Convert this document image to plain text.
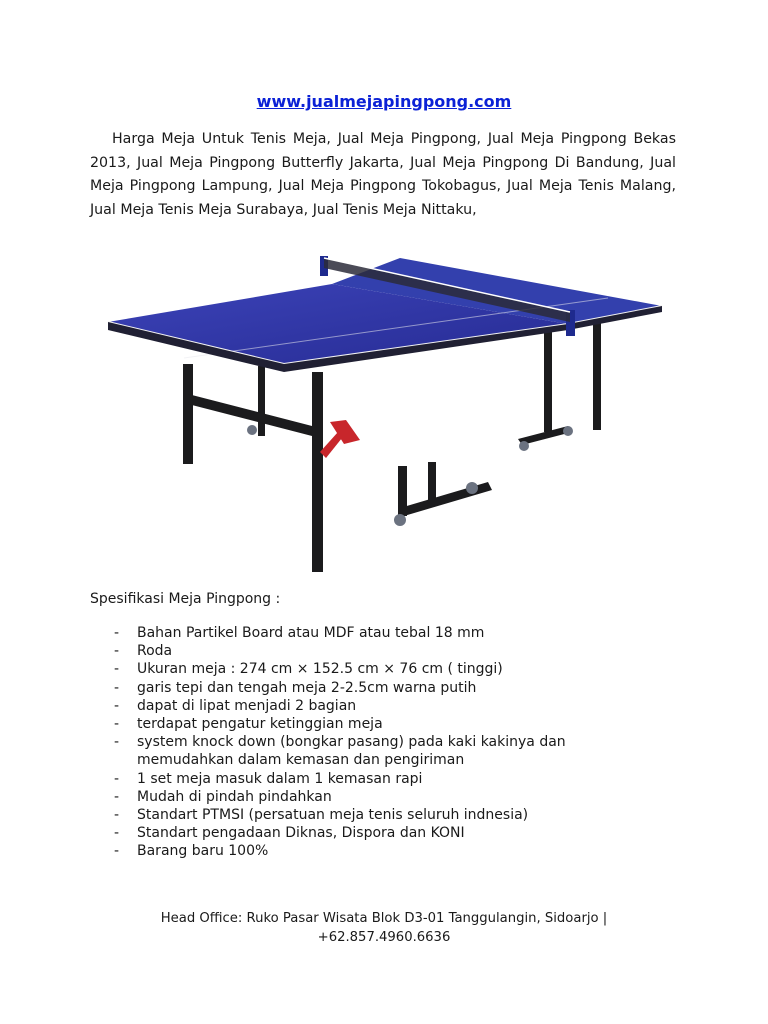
www.jualmejapingpong.com

Harga Meja Untuk Tenis Meja, Jual Meja Pingpong, Jual Meja Pingpong Bekas 2013, Jual Meja Pingpong Butterfly Jakarta, Jual Meja Pingpong Di Bandung, Jual Meja Pingpong Lampung, Jual Meja Pingpong Tokobagus, Jual Meja Tenis Malang, Jual Meja Tenis Meja Surabaya, Jual Tenis Meja Nittaku,

Spesifikasi Meja Pingpong :
- Bahan Partikel Board atau MDF atau tebal 18 mm
- Roda
- Ukuran meja : 274 cm × 152.5 cm × 76 cm ( tinggi)
- garis tepi dan tengah meja 2-2.5cm warna putih
- dapat di lipat menjadi 2 bagian
- terdapat pengatur ketinggian meja
- system knock down (bongkar pasang) pada kaki kakinya dan memudahkan dalam kemasan dan pengiriman
- 1 set meja masuk dalam 1 kemasan rapi
- Mudah di pindah pindahkan
- Standart PTMSI (persatuan meja tenis seluruh indnesia)
- Standart pengadaan Diknas, Dispora dan KONI
- Barang baru 100%
Head Office: Ruko Pasar Wisata Blok D3-01 Tanggulangin, Sidoarjo |
+62.857.4960.6636
